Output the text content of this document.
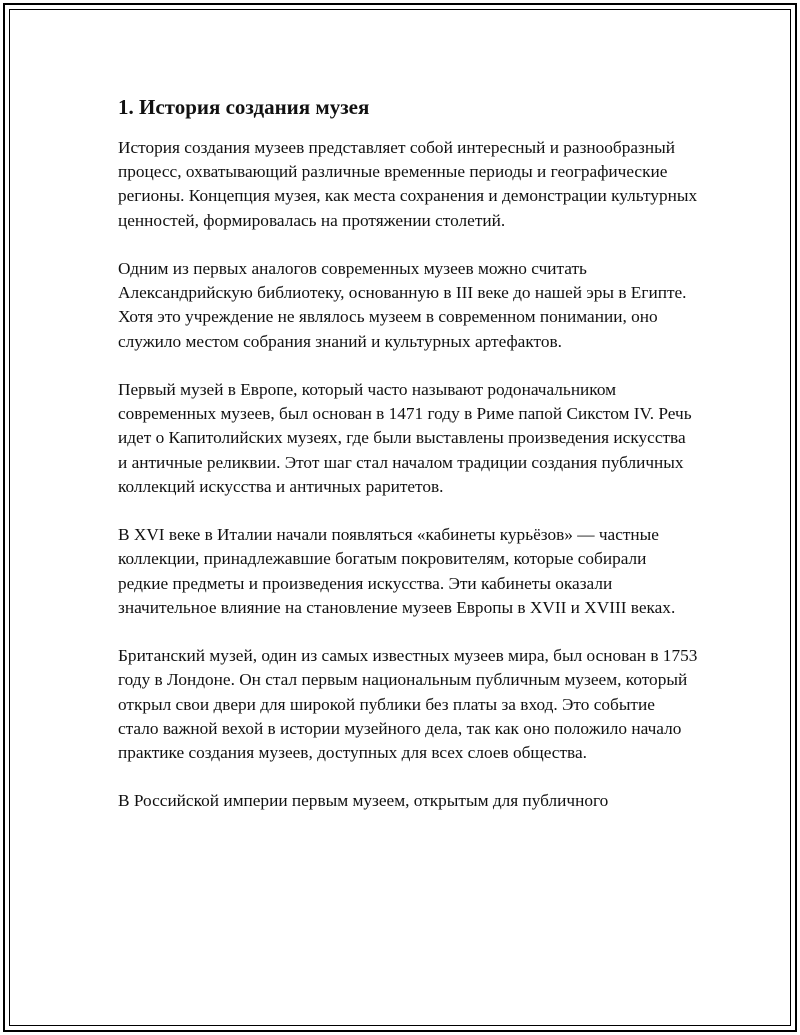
1. История создания музея

История создания музеев представляет собой интересный и разнообразный процесс, охватывающий различные временные периоды и географические регионы. Концепция музея, как места сохранения и демонстрации культурных ценностей, формировалась на протяжении столетий.

Одним из первых аналогов современных музеев можно считать Александрийскую библиотеку, основанную в III веке до нашей эры в Египте. Хотя это учреждение не являлось музеем в современном понимании, оно служило местом собрания знаний и культурных артефактов.

Первый музей в Европе, который часто называют родоначальником современных музеев, был основан в 1471 году в Риме папой Сикстом IV. Речь идет о Капитолийских музеях, где были выставлены произведения искусства и античные реликвии. Этот шаг стал началом традиции создания публичных коллекций искусства и античных раритетов.

В XVI веке в Италии начали появляться «кабинеты курьёзов» — частные коллекции, принадлежавшие богатым покровителям, которые собирали редкие предметы и произведения искусства. Эти кабинеты оказали значительное влияние на становление музеев Европы в XVII и XVIII веках.

Британский музей, один из самых известных музеев мира, был основан в 1753 году в Лондоне. Он стал первым национальным публичным музеем, который открыл свои двери для широкой публики без платы за вход. Это событие стало важной вехой в истории музейного дела, так как оно положило начало практике создания музеев, доступных для всех слоев общества.

В Российской империи первым музеем, открытым для публичного
